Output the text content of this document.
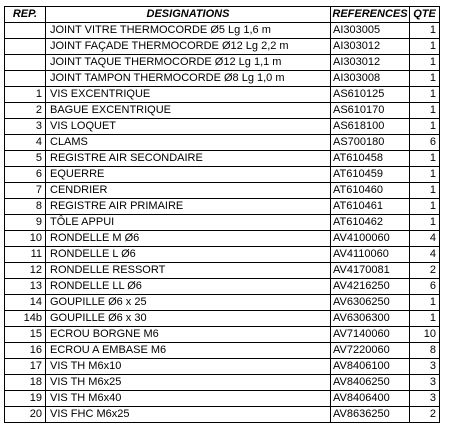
REP.	DESIGNATIONS	REFERENCES	QTE
	JOINT VITRE THERMOCORDE Ø5 Lg 1,6 m	AI303005	1
	JOINT FAÇADE THERMOCORDE Ø12 Lg 2,2 m	AI303012	1
	JOINT TAQUE THERMOCORDE Ø12 Lg 1,1 m	AI303012	1
	JOINT TAMPON THERMOCORDE Ø8 Lg 1,0 m	AI303008	1
1	VIS EXCENTRIQUE	AS610125	1
2	BAGUE EXCENTRIQUE	AS610170	1
3	VIS LOQUET	AS618100	1
4	CLAMS	AS700180	6
5	REGISTRE AIR SECONDAIRE	AT610458	1
6	EQUERRE	AT610459	1
7	CENDRIER	AT610460	1
8	REGISTRE AIR PRIMAIRE	AT610461	1
9	TÔLE APPUI	AT610462	1
10	RONDELLE M Ø6	AV4100060	4
11	RONDELLE L Ø6	AV4110060	4
12	RONDELLE RESSORT	AV4170081	2
13	RONDELLE LL Ø6	AV4216250	6
14	GOUPILLE Ø6 x 25	AV6306250	1
14b	GOUPILLE Ø6 x 30	AV6306300	1
15	ECROU BORGNE M6	AV7140060	10
16	ECROU A EMBASE M6	AV7220060	8
17	VIS TH M6x10	AV8406100	3
18	VIS TH M6x25	AV8406250	3
19	VIS TH M6x40	AV8406400	3
20	VIS FHC M6x25	AV8636250	2
